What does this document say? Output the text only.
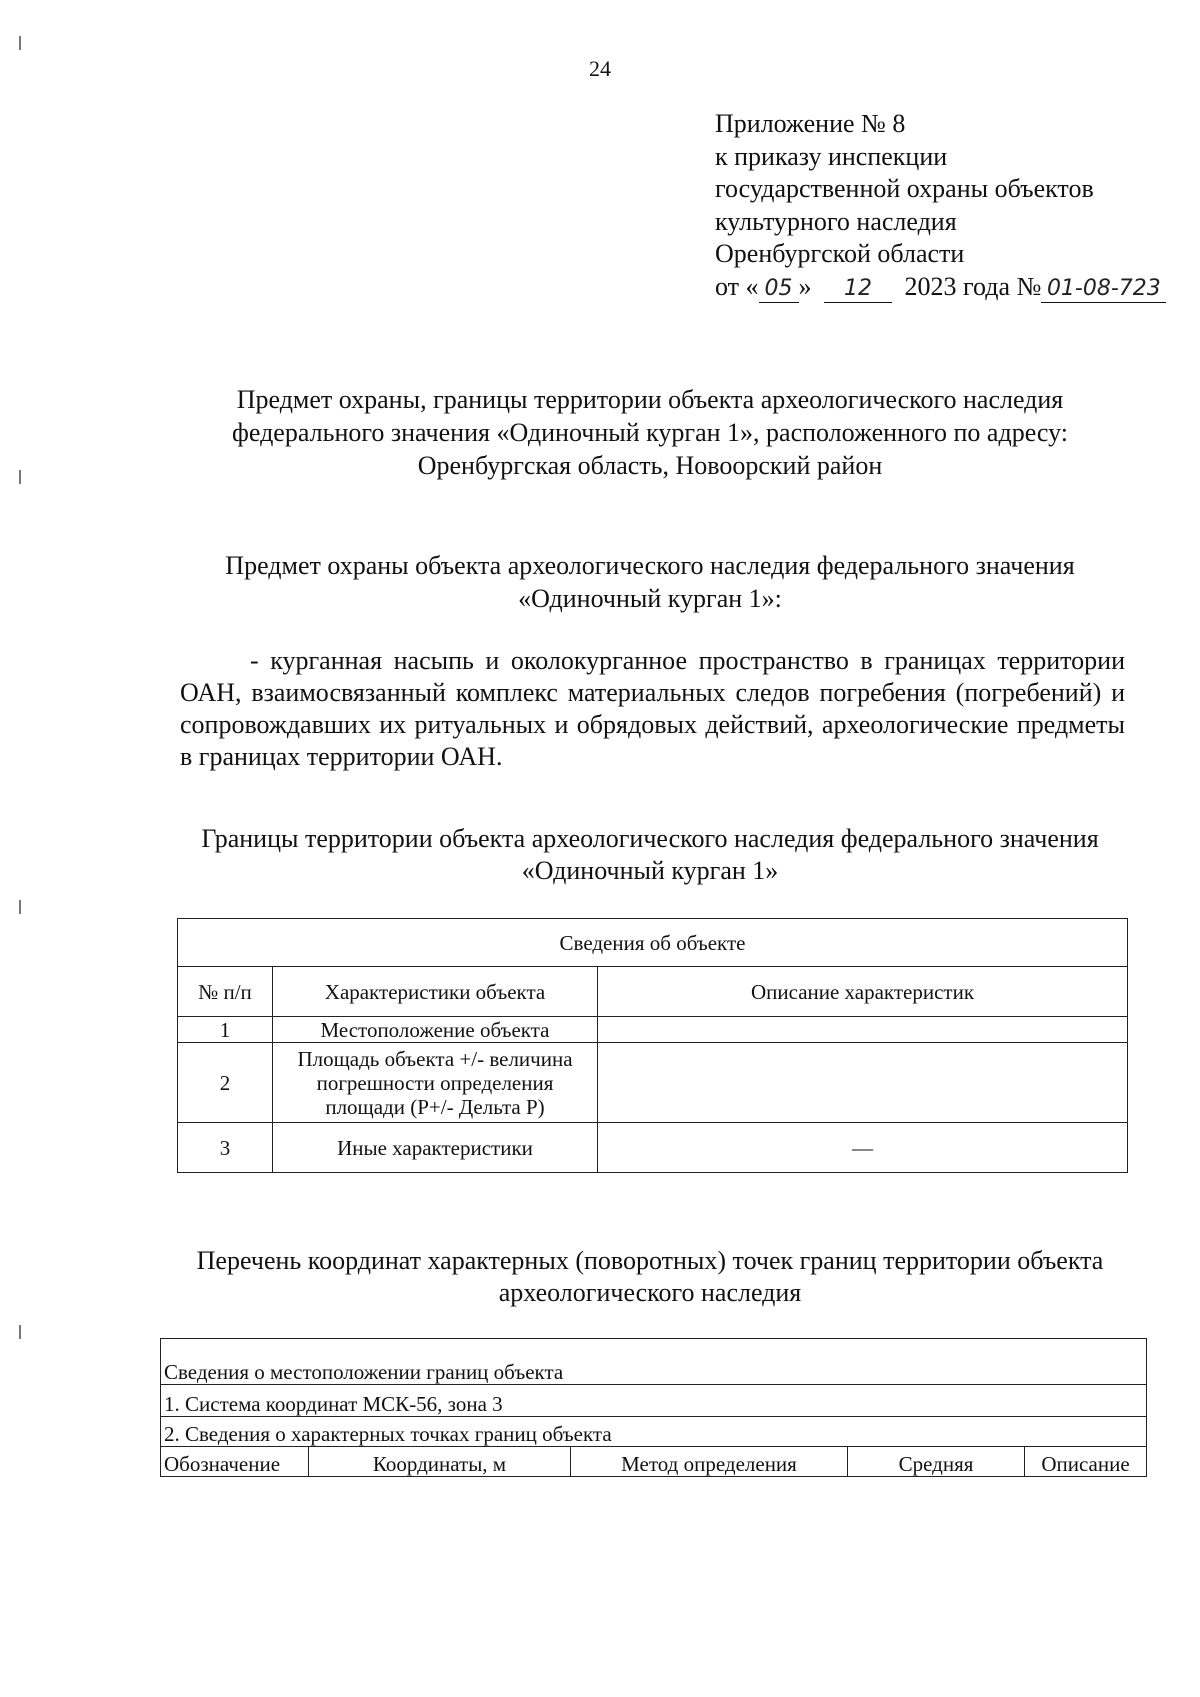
24
Приложение № 8
к приказу инспекции
государственной охраны объектов
культурного наследия
Оренбургской области
от « 05 » 12 2023 года № 01-08-723
Предмет охраны, границы территории объекта археологического наследия федерального значения «Одиночный курган 1», расположенного по адресу: Оренбургская область, Новоорский район
Предмет охраны объекта археологического наследия федерального значения «Одиночный курган 1»:
- курганная насыпь и околокурганное пространство в границах территории ОАН, взаимосвязанный комплекс материальных следов погребения (погребений) и сопровождавших их ритуальных и обрядовых действий, археологические предметы в границах территории ОАН.
Границы территории объекта археологического наследия федерального значения «Одиночный курган 1»
Сведения об объекте		
№ п/п	Характеристики объекта	Описание характеристик
1	Местоположение объекта	
2	Площадь объекта +/- величина погрешности определения площади (Р+/- Дельта Р)	
3	Иные характеристики	—
Перечень координат характерных (поворотных) точек границ территории объекта археологического наследия
Сведения о местоположении границ объекта
1. Система координат МСК-56, зона 3
2. Сведения о характерных точках границ объекта
Обозначение	Координаты, м	Метод определения	Средняя	Описание
